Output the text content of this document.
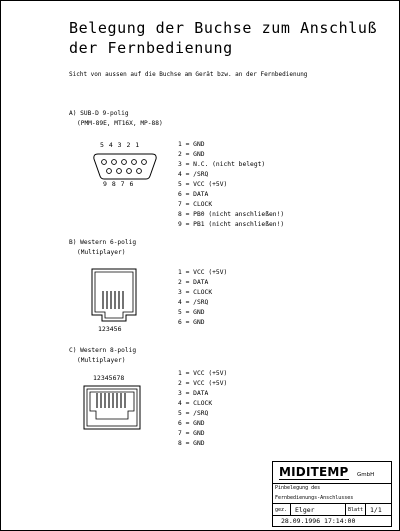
Belegung der Buchse zum Anschluß
der Fernbedienung
Sicht von aussen auf die Buchse am Gerät bzw. an der Fernbedienung
A) SUB-D 9-polig
(PMM-89E, MT16X, MP-88)
5 4 3 2 1
9 8 7 6
1 = GND
2 = GND
3 = N.C. (nicht belegt)
4 = /SRQ
5 = VCC (+5V)
6 = DATA
7 = CLOCK
8 = PB0 (nicht anschließen!)
9 = PB1 (nicht anschließen!)
B) Western 6-polig
(Multiplayer)
123456
1 = VCC (+5V)
2 = DATA
3 = CLOCK
4 = /SRQ
5 = GND
6 = GND
C) Western 8-polig
(Multiplayer)
12345678
1 = VCC (+5V)
2 = VCC (+5V)
3 = DATA
4 = CLOCK
5 = /SRQ
6 = GND
7 = GND
8 = GND
MIDITEMP GmbH
Pinbelegung des
Fernbedienungs-Anschlusses
gez. Elger	Blatt 1/1
28.09.1996 17:14:00
